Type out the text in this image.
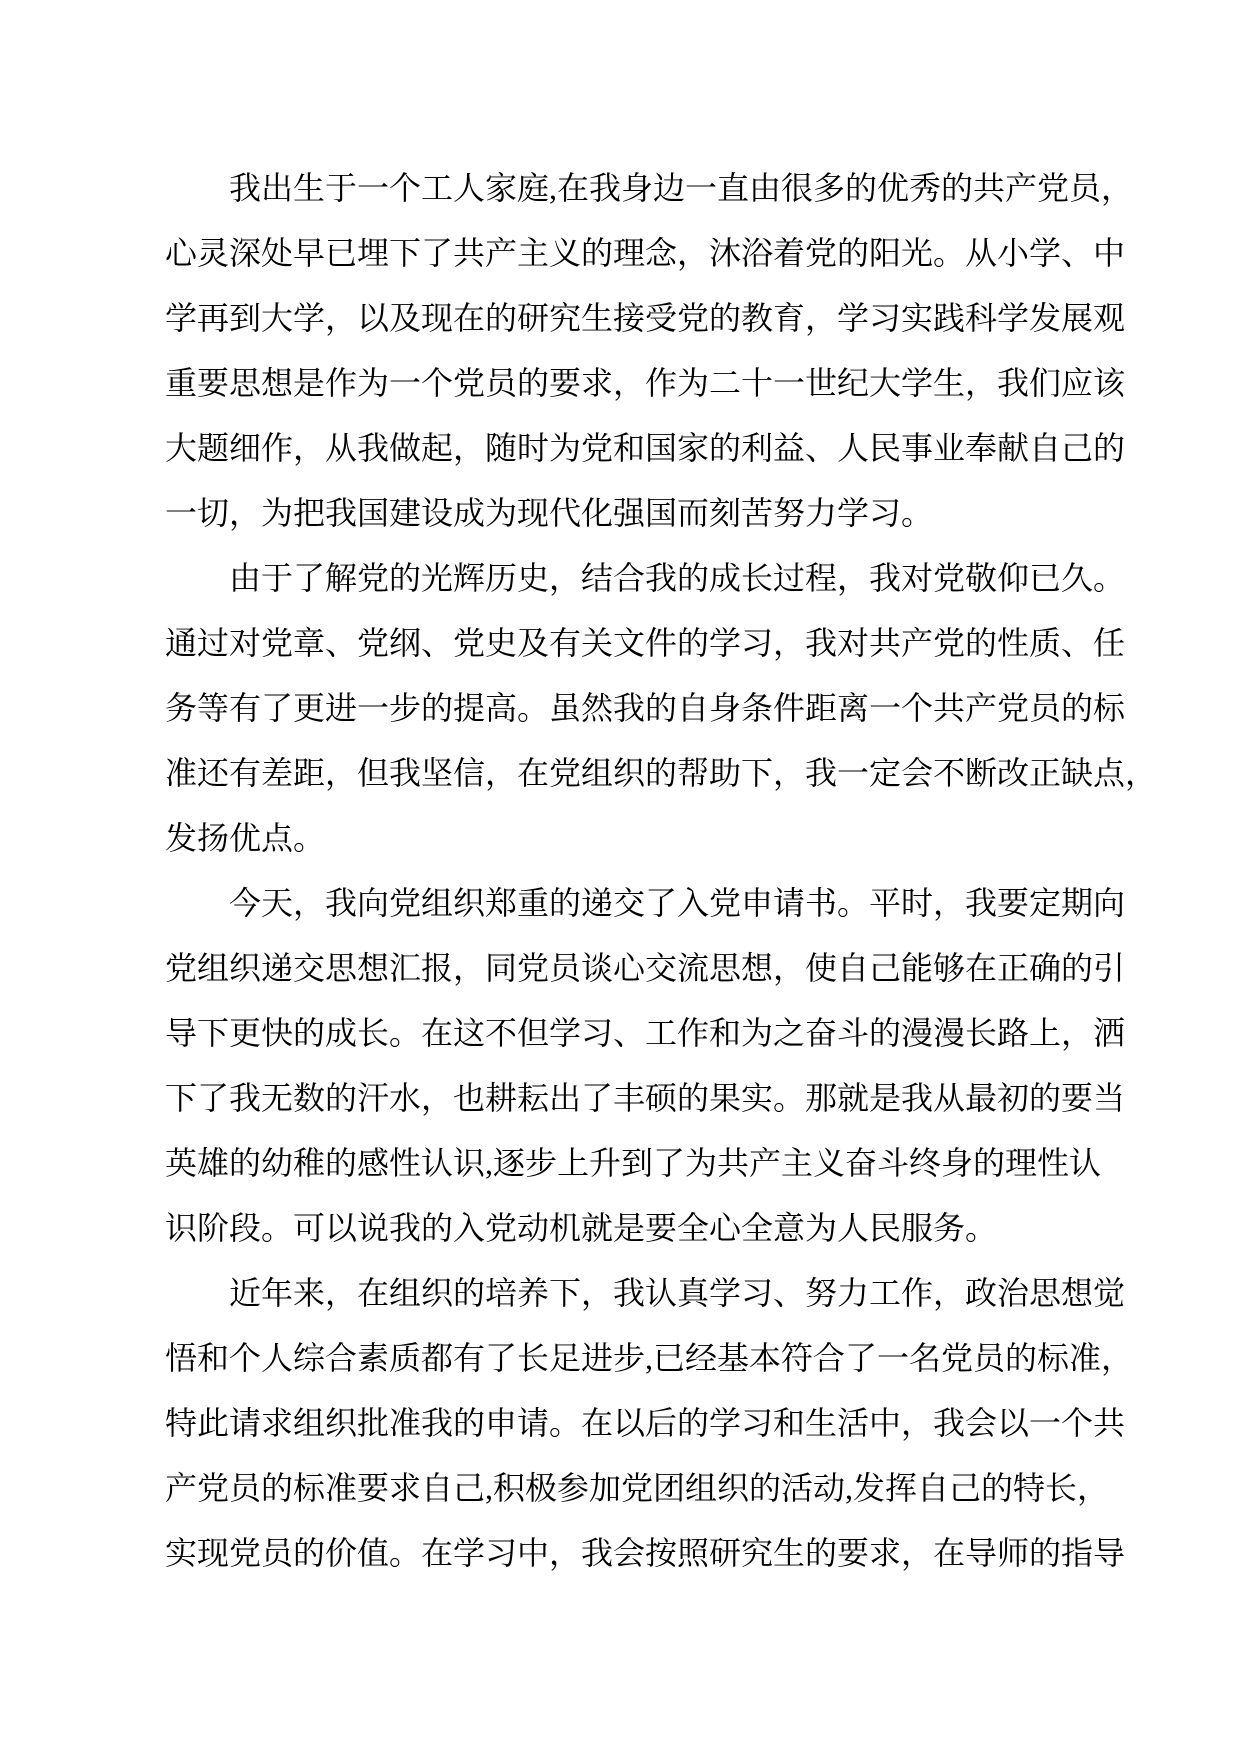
我出生于一个工人家庭,在我身边一直由很多的优秀的共产党员，
心灵深处早已埋下了共产主义的理念，沐浴着党的阳光。从小学、中
学再到大学，以及现在的研究生接受党的教育，学习实践科学发展观
重要思想是作为一个党员的要求，作为二十一世纪大学生，我们应该
大题细作，从我做起，随时为党和国家的利益、人民事业奉献自己的
一切，为把我国建设成为现代化强国而刻苦努力学习。
由于了解党的光辉历史，结合我的成长过程，我对党敬仰已久。
通过对党章、党纲、党史及有关文件的学习，我对共产党的性质、任
务等有了更进一步的提高。虽然我的自身条件距离一个共产党员的标
准还有差距，但我坚信，在党组织的帮助下，我一定会不断改正缺点，
发扬优点。
今天，我向党组织郑重的递交了入党申请书。平时，我要定期向
党组织递交思想汇报，同党员谈心交流思想，使自己能够在正确的引
导下更快的成长。在这不但学习、工作和为之奋斗的漫漫长路上，洒
下了我无数的汗水，也耕耘出了丰硕的果实。那就是我从最初的要当
英雄的幼稚的感性认识,逐步上升到了为共产主义奋斗终身的理性认
识阶段。可以说我的入党动机就是要全心全意为人民服务。
近年来，在组织的培养下，我认真学习、努力工作，政治思想觉
悟和个人综合素质都有了长足进步,已经基本符合了一名党员的标准，
特此请求组织批准我的申请。在以后的学习和生活中，我会以一个共
产党员的标准要求自己,积极参加党团组织的活动,发挥自己的特长，
实现党员的价值。在学习中，我会按照研究生的要求，在导师的指导
